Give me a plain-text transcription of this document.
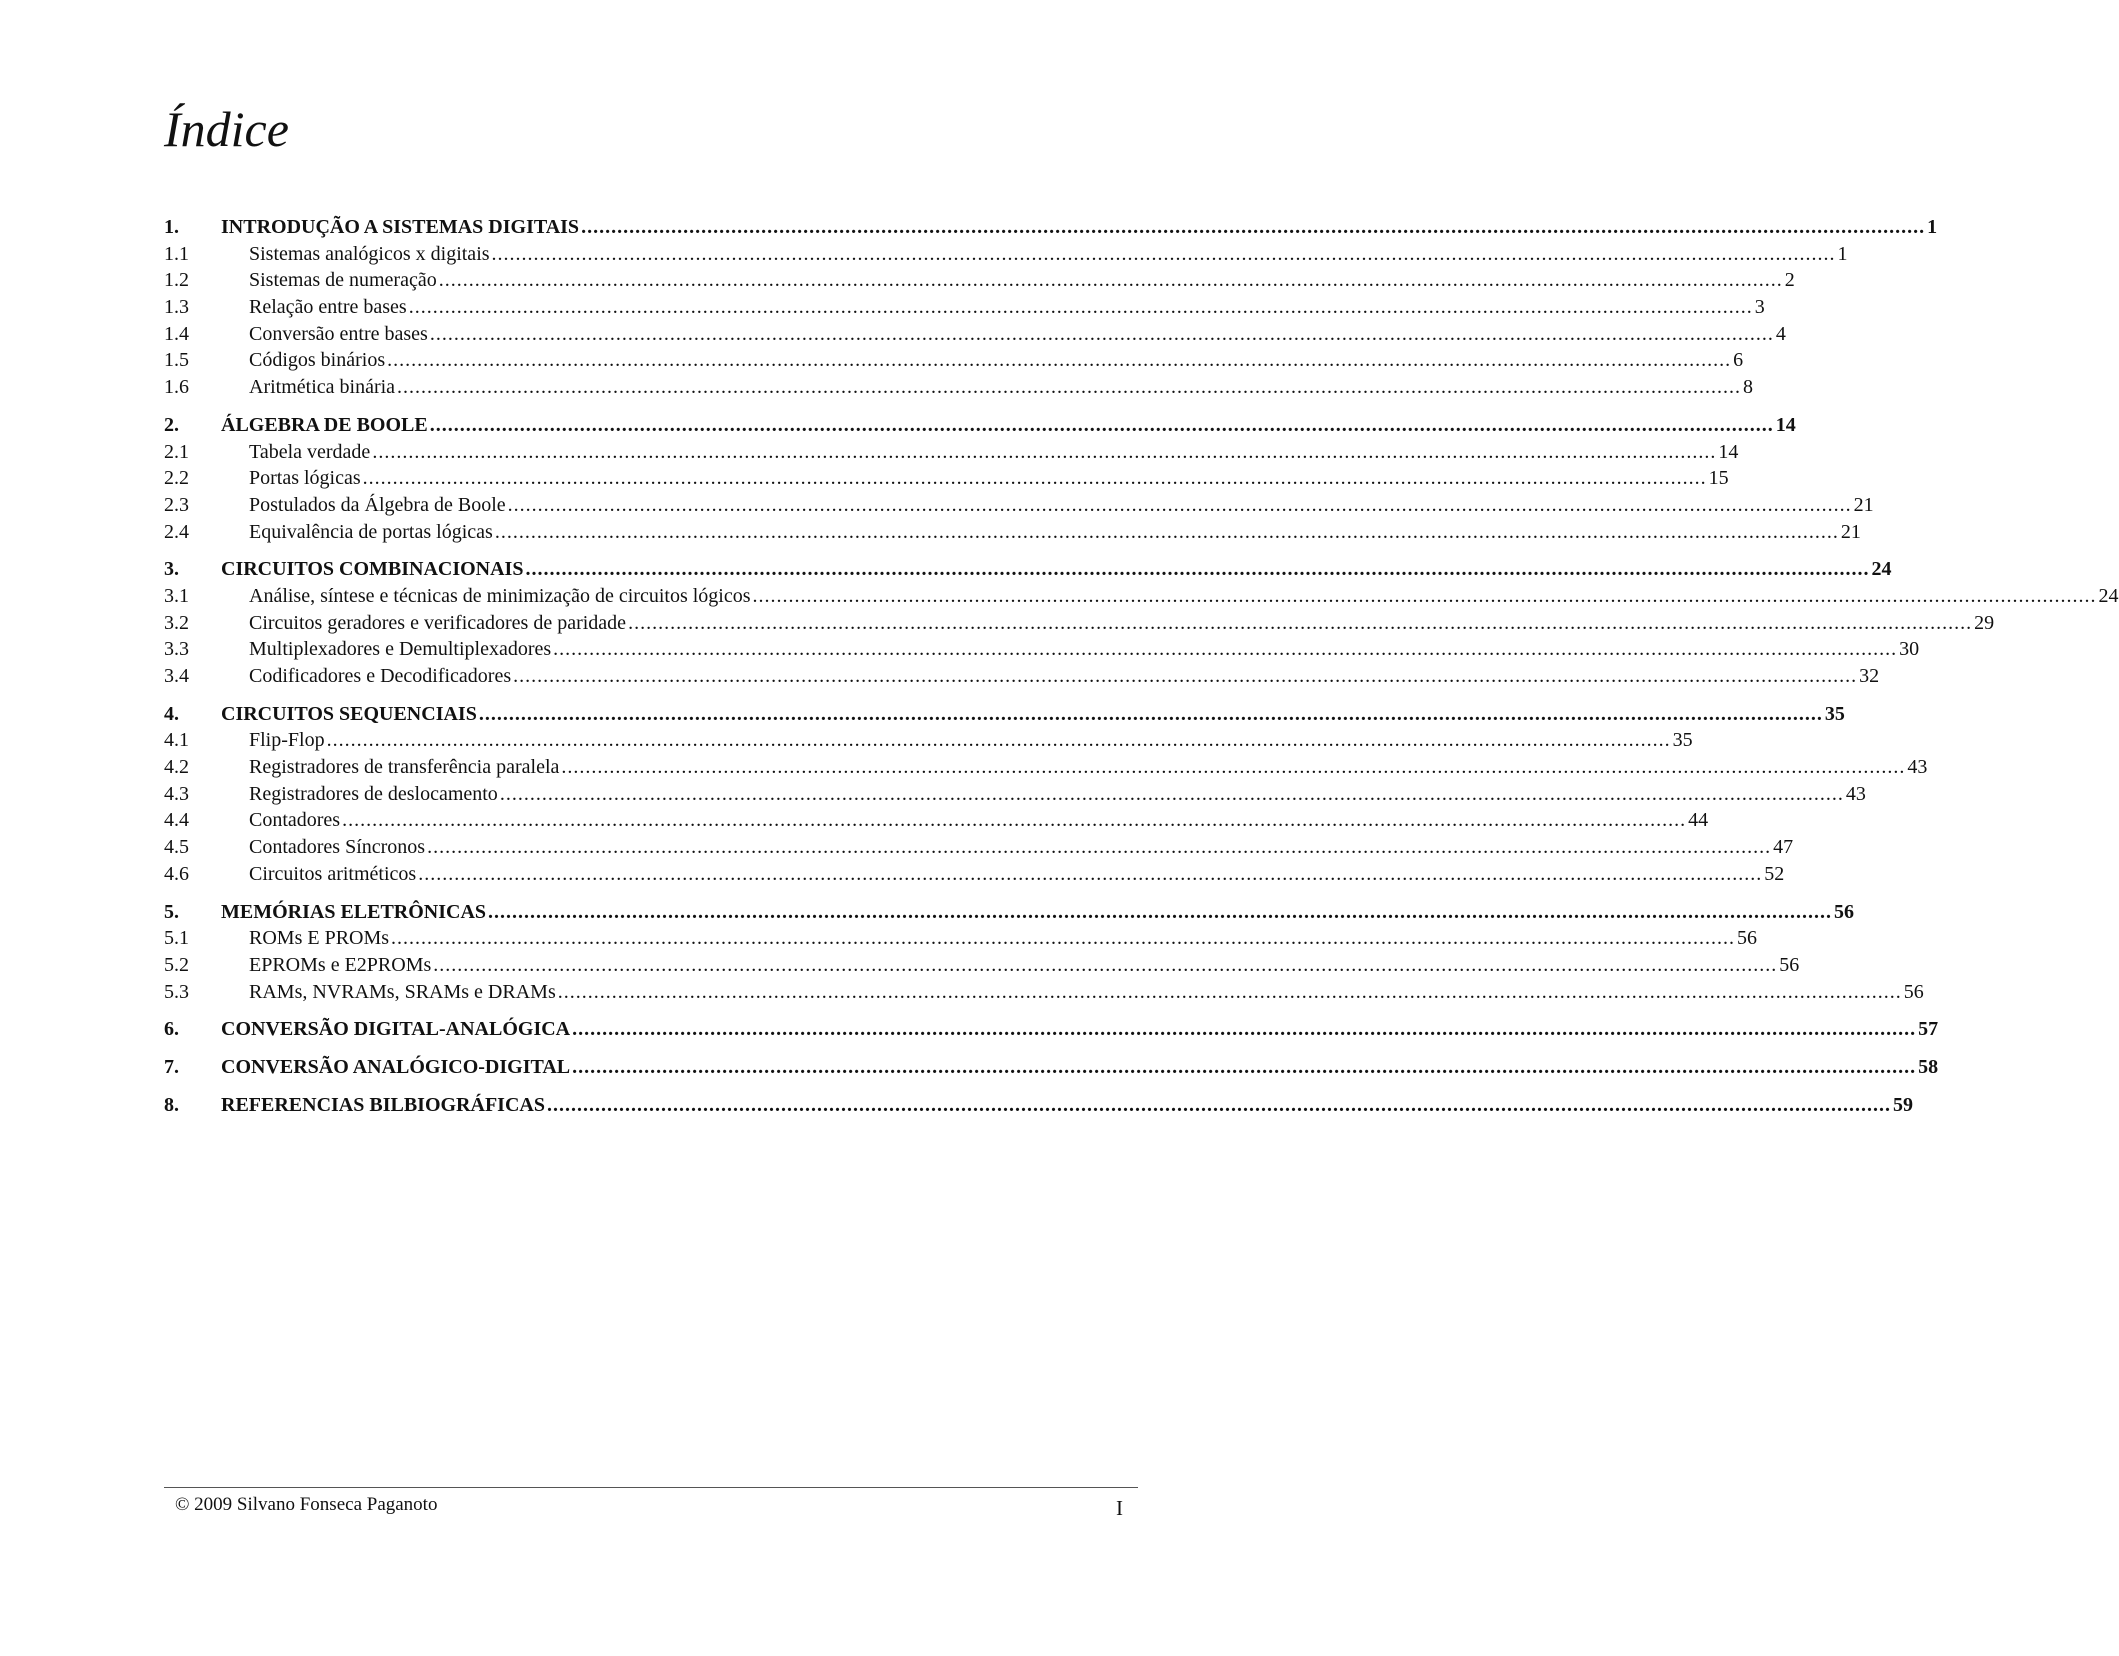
Índice
1.	INTRODUÇÃO A SISTEMAS DIGITAIS .....	1
1.1	Sistemas analógicos x digitais .....	1
1.2	Sistemas de numeração .....	2
1.3	Relação entre bases .....	3
1.4	Conversão entre bases .....	4
1.5	Códigos binários .....	6
1.6	Aritmética binária .....	8
2.	ÁLGEBRA DE BOOLE .....	14
2.1	Tabela verdade .....	14
2.2	Portas lógicas .....	15
2.3	Postulados da Álgebra de Boole .....	21
2.4	Equivalência de portas lógicas .....	21
3.	CIRCUITOS COMBINACIONAIS .....	24
3.1	Análise, síntese e técnicas de minimização de circuitos lógicos .....	24
3.2	Circuitos geradores e verificadores de paridade .....	29
3.3	Multiplexadores e Demultiplexadores .....	30
3.4	Codificadores e Decodificadores .....	32
4.	CIRCUITOS SEQUENCIAIS .....	35
4.1	Flip-Flop .....	35
4.2	Registradores de transferência paralela .....	43
4.3	Registradores de deslocamento .....	43
4.4	Contadores .....	44
4.5	Contadores Síncronos .....	47
4.6	Circuitos aritméticos .....	52
5.	MEMÓRIAS ELETRÔNICAS .....	56
5.1	ROMs E PROMs .....	56
5.2	EPROMs e E2PROMs .....	56
5.3	RAMs, NVRAMs, SRAMs e DRAMs .....	56
6.	CONVERSÃO DIGITAL-ANALÓGICA .....	57
7.	CONVERSÃO ANALÓGICO-DIGITAL .....	58
8.	REFERENCIAS BILBIOGRÁFICAS .....	59
© 2009 Silvano Fonseca Paganoto	I
